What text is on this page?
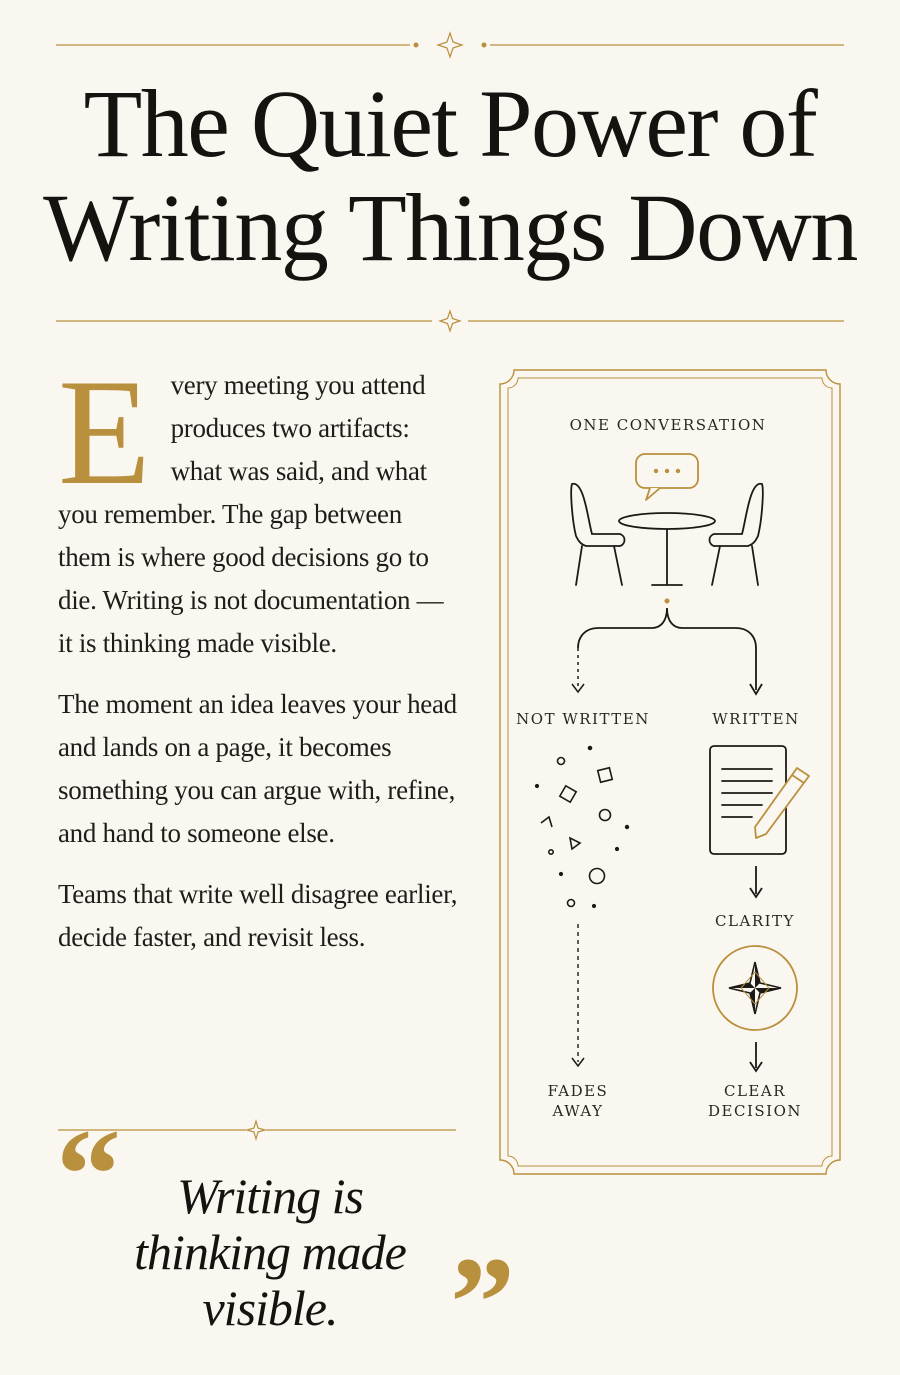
The Quiet Power of
Writing Things Down

Every meeting you attend produces two artifacts: what was said, and what you remember. The gap between them is where good decisions go to die. Writing is not documentation — it is thinking made visible.

The moment an idea leaves your head and lands on a page, it becomes something you can argue with, refine, and hand to someone else.

Teams that write well disagree earlier, decide faster, and revisit less.

“	Writing is
thinking made visible. ”
ONE CONVERSATION
NOT WRITTEN	WRITTEN
FADES
AWAY
CLARITY
CLEAR
DECISION
